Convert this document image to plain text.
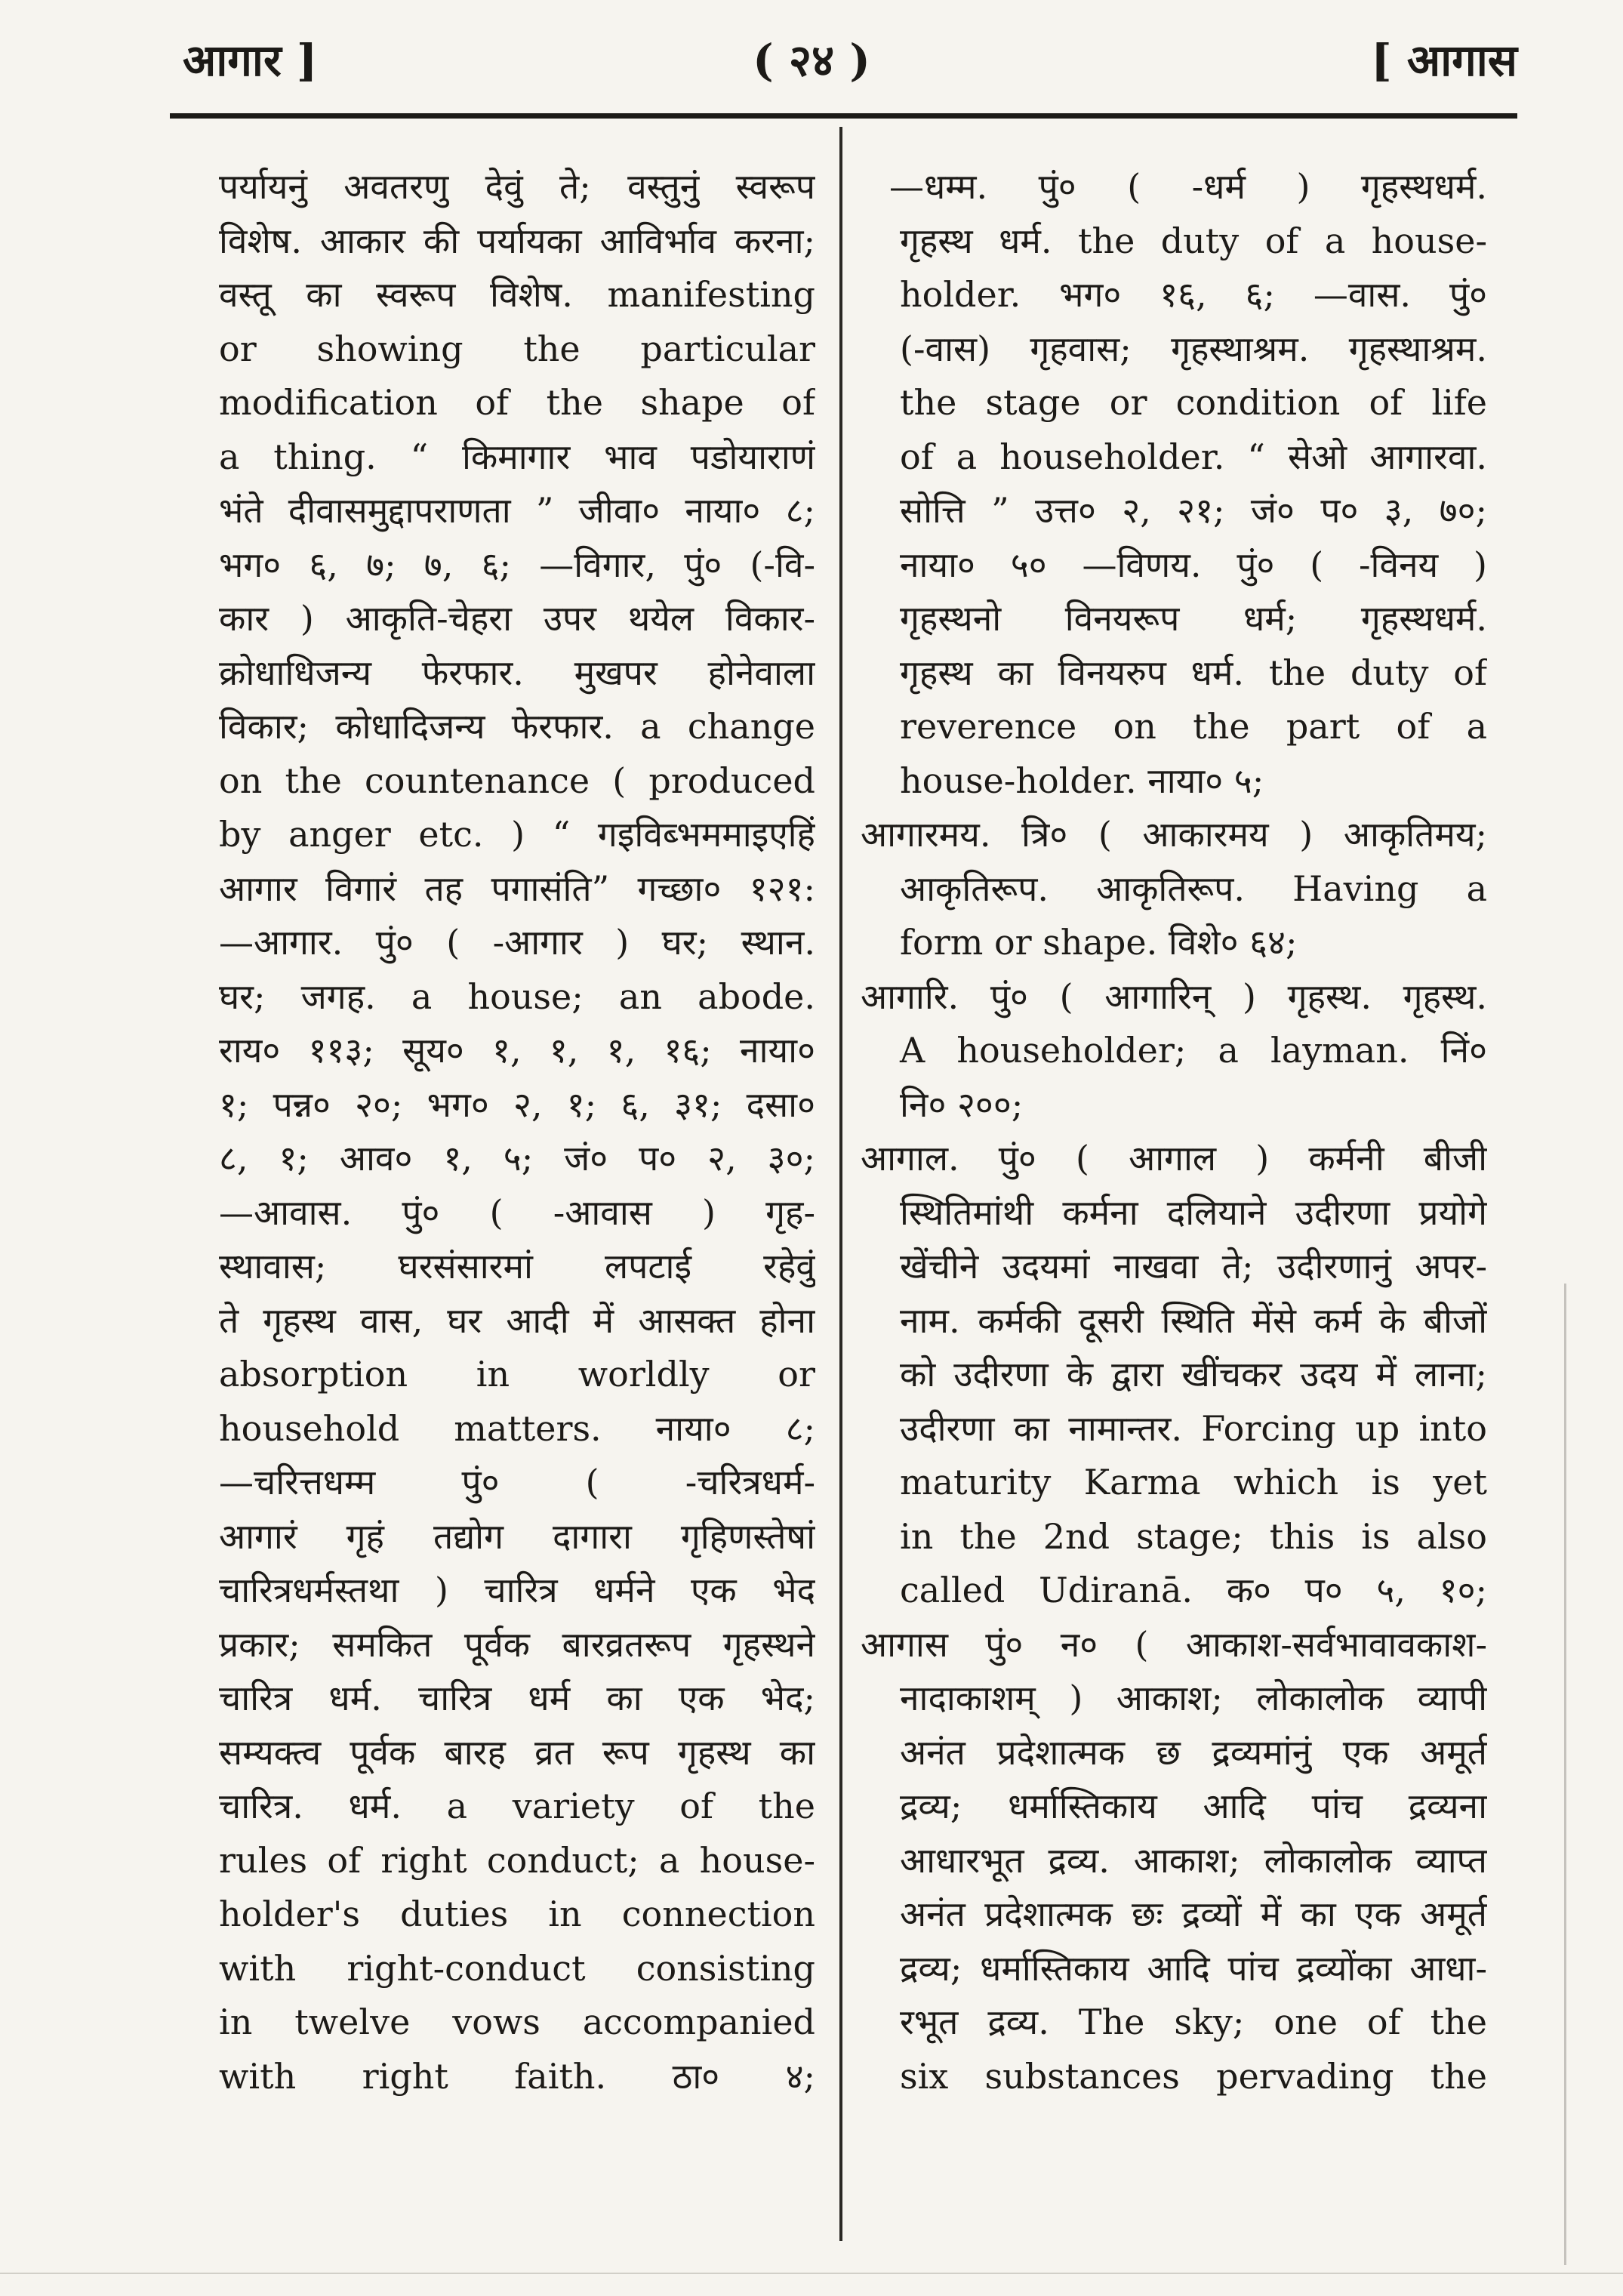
आगार ]	( २४ )	[ आगास

पर्यायनुं अवतरणु देवुं ते; वस्तुनुं स्वरूप

विशेष. आकार की पर्यायका आविर्भाव करना;

वस्तू का स्वरूप विशेष. manifesting

or showing the particular

modification of the shape of

a thing. “ किमागार भाव पडोयाराणं

भंते दीवासमुद्दापराणता ” जीवा० नाया० ८;

भग० ६, ७; ७, ६; —विगार, पुं० (-वि-

कार ) आकृति-चेहरा उपर थयेल विकार-

क्रोधाधिजन्य फेरफार. मुखपर होनेवाला

विकार; कोधादिजन्य फेरफार. a change

on the countenance ( produced

by anger etc. ) “ गइविब्भममाइएहिं

आगार विगारं तह पगासंति” गच्छा० १२१:

—आगार. पुं० ( -आगार ) घर; स्थान.

घर; जगह. a house; an abode.

राय० ११३; सूय० १, १, १, १६; नाया०

१; पन्न० २०; भग० २, १; ६, ३१; दसा०

८, १; आव० १, ५; जं० प० २, ३०;

—आवास. पुं० ( -आवास ) गृह-

स्थावास; घरसंसारमां लपटाई रहेवुं

ते गृहस्थ वास, घर आदी में आसक्त होना

absorption in worldly or

household matters. नाया० ८;

—चरित्तधम्म पुं० ( -चरित्रधर्म-

आगारं गृहं तद्योग दागारा गृहिणस्तेषां

चारित्रधर्मस्तथा ) चारित्र धर्मने एक भेद

प्रकार; समकित पूर्वक बारव्रतरूप गृहस्थने

चारित्र धर्म. चारित्र धर्म का एक भेद;

सम्यक्त्व पूर्वक बारह व्रत रूप गृहस्थ का

चारित्र. धर्म. a variety of the

rules of right conduct; a house-

holder's duties in connection

with right-conduct consisting

in twelve vows accompanied

with right faith. ठा० ४;

—धम्म. पुं० ( -धर्म ) गृहस्थधर्म.

गृहस्थ धर्म. the duty of a house-

holder. भग० १६, ६; —वास. पुं०

(-वास) गृहवास; गृहस्थाश्रम. गृहस्थाश्रम.

the stage or condition of life

of a householder. “ सेओ आगारवा.

सोत्ति ” उत्त० २, २१; जं० प० ३, ७०;

नाया० ५० —विणय. पुं० ( -विनय )

गृहस्थनो विनयरूप धर्म; गृहस्थधर्म.

गृहस्थ का विनयरुप धर्म. the duty of

reverence on the part of a

house-holder. नाया० ५;

आगारमय. त्रि० ( आकारमय ) आकृतिमय;

आकृतिरूप. आकृतिरूप. Having a

form or shape. विशे० ६४;

आगारि. पुं० ( आगारिन् ) गृहस्थ. गृहस्थ.

A householder; a layman. निं०

नि० २००;

आगाल. पुं० ( आगाल ) कर्मनी बीजी

स्थितिमांथी कर्मना दलियाने उदीरणा प्रयोगे

खेंचीने उदयमां नाखवा ते; उदीरणानुं अपर-

नाम. कर्मकी दूसरी स्थिति मेंसे कर्म के बीजों

को उदीरणा के द्वारा खींचकर उदय में लाना;

उदीरणा का नामान्तर. Forcing up into

maturity Karma which is yet

in the 2nd stage; this is also

called Udiranā. क० प० ५, १०;

आगास पुं० न० ( आकाश-सर्वभावावकाश-

नादाकाशम् ) आकाश; लोकालोक व्यापी

अनंत प्रदेशात्मक छ द्रव्यमांनुं एक अमूर्त

द्रव्य; धर्मास्तिकाय आदि पांच द्रव्यना

आधारभूत द्रव्य. आकाश; लोकालोक व्याप्त

अनंत प्रदेशात्मक छः द्रव्यों में का एक अमूर्त

द्रव्य; धर्मास्तिकाय आदि पांच द्रव्योंका आधा-

रभूत द्रव्य. The sky; one of the

six substances pervading the
